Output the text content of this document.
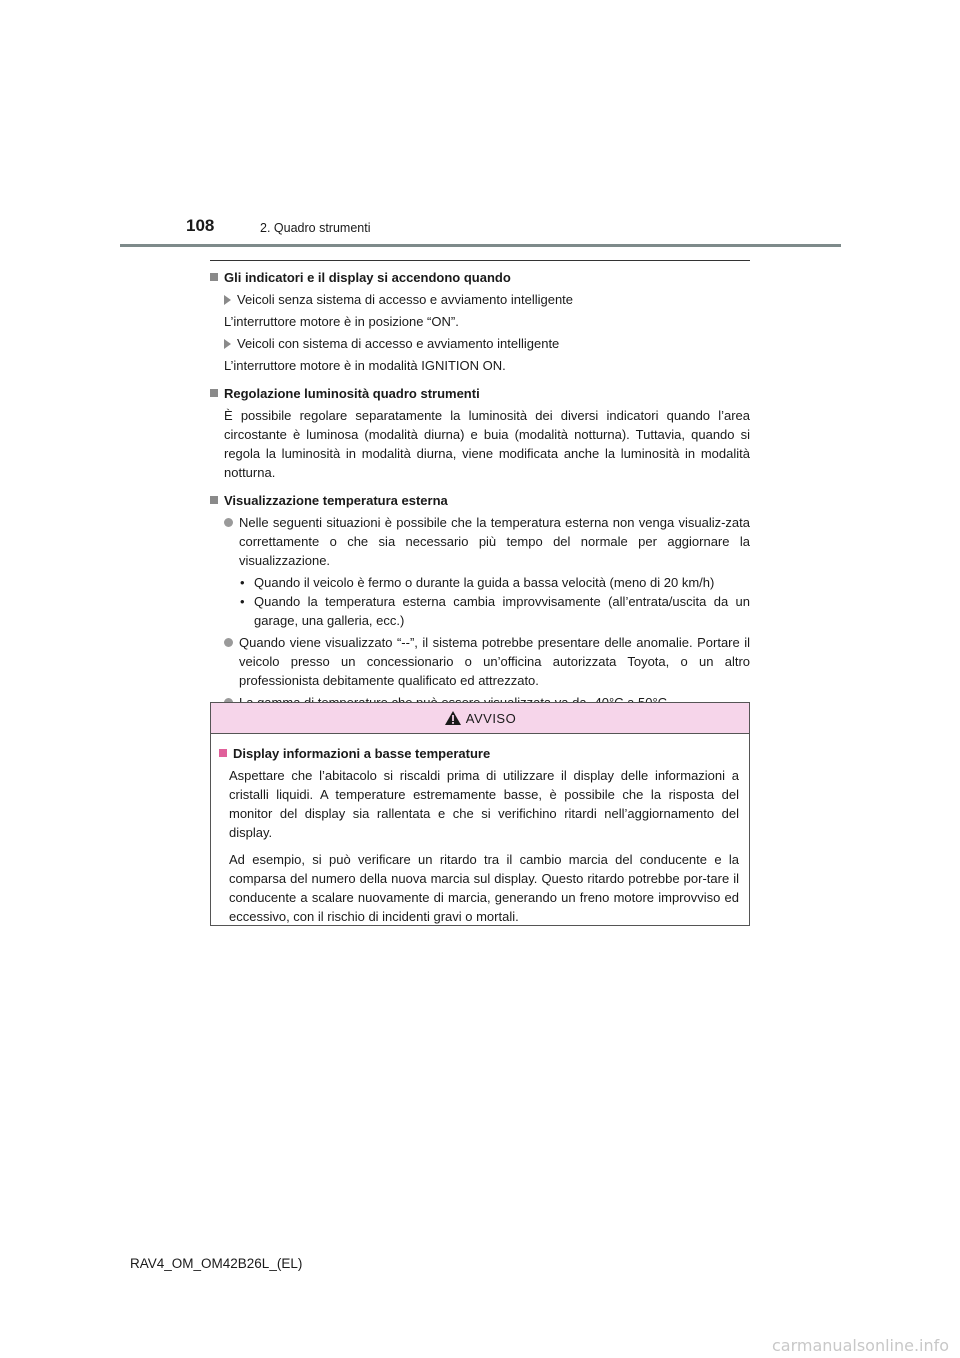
108	2. Quadro strumenti
Gli indicatori e il display si accendono quando
Veicoli senza sistema di accesso e avviamento intelligente

L’interruttore motore è in posizione “ON”.

Veicoli con sistema di accesso e avviamento intelligente

L’interruttore motore è in modalità IGNITION ON.

Regolazione luminosità quadro strumenti

È possibile regolare separatamente la luminosità dei diversi indicatori quando l’area circostante è luminosa (modalità diurna) e buia (modalità notturna). Tuttavia, quando si regola la luminosità in modalità diurna, viene modificata anche la luminosità in modalità notturna.

Visualizzazione temperatura esterna
Nelle seguenti situazioni è possibile che la temperatura esterna non venga visualiz-zata correttamente o che sia necessario più tempo del normale per aggiornare la visualizzazione.
• Quando il veicolo è fermo o durante la guida a bassa velocità (meno di 20 km/h)
• Quando la temperatura esterna cambia improvvisamente (all’entrata/uscita da un garage, una galleria, ecc.)
Quando viene visualizzato “--”, il sistema potrebbe presentare delle anomalie. Portare il veicolo presso un concessionario o un’officina autorizzata Toyota, o un altro professionista debitamente qualificato ed attrezzato.
AVVISO
Display informazioni a basse temperature

Aspettare che l’abitacolo si riscaldi prima di utilizzare il display delle informazioni a cristalli liquidi. A temperature estremamente basse, è possibile che la risposta del monitor del display sia rallentata e che si verifichino ritardi nell’aggiornamento del display.

Ad esempio, si può verificare un ritardo tra il cambio marcia del conducente e la comparsa del numero della nuova marcia sul display. Questo ritardo potrebbe por-tare il conducente a scalare nuovamente di marcia, generando un freno motore improvviso ed eccessivo, con il rischio di incidenti gravi o mortali.

RAV4_OM_OM42B26L_(EL)
carmanualsonline.info
